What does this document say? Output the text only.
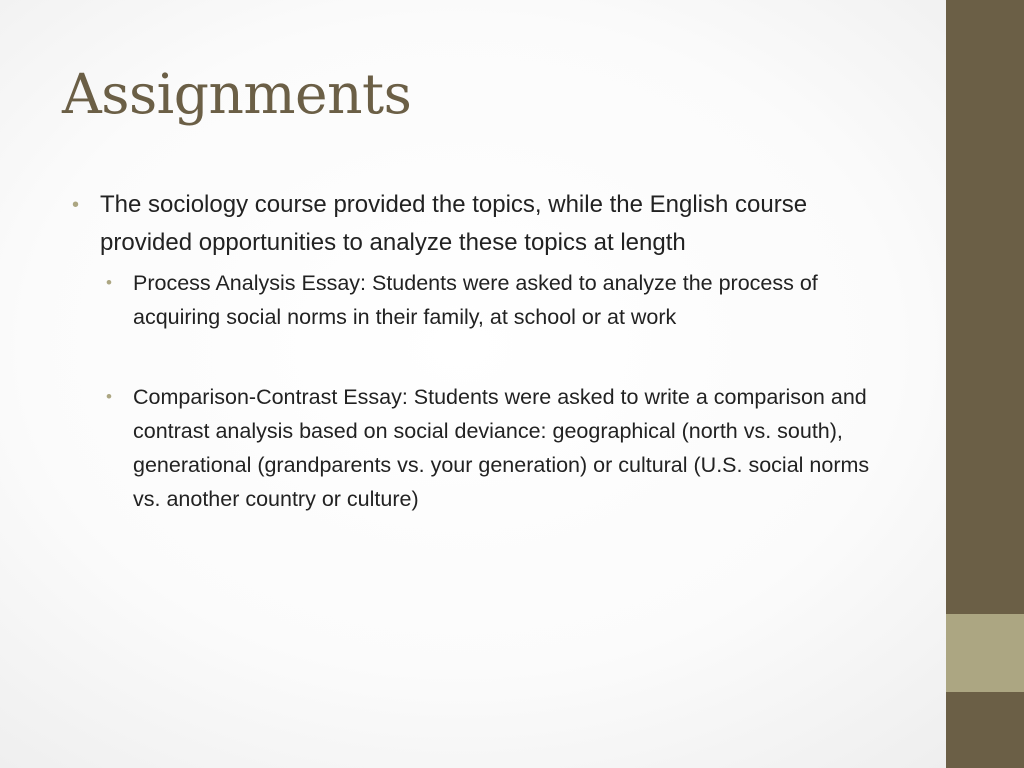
Assignments
• The sociology course provided the topics, while the English course provided opportunities to analyze these topics at length
• Process Analysis Essay: Students were asked to analyze the process of acquiring social norms in their family, at school or at work
• Comparison-Contrast Essay: Students were asked to write a comparison and contrast analysis based on social deviance: geographical (north vs. south), generational (grandparents vs. your generation) or cultural (U.S. social norms vs. another country or culture)
